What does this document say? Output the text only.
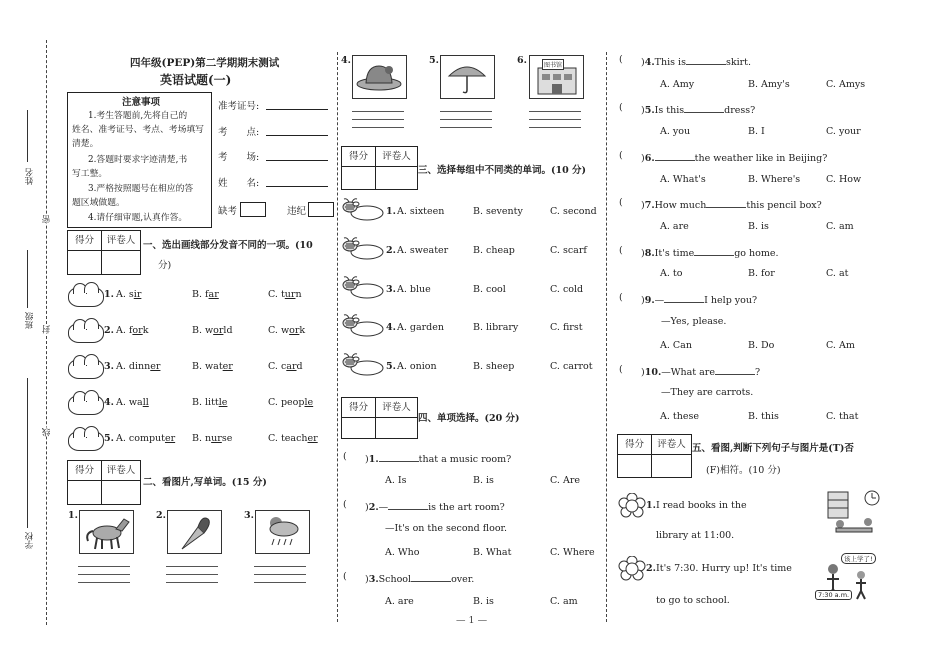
姓名
班级
学校
密
封
线
四年级(PEP)第二学期期末测试
英语试题(一)
注意事项
1.考生答题前,先将自己的
姓名、准考证号、考点、考场填写
清楚。
2.答题时要求字迹清楚,书
写工整。
3.严格按照题号在相应的答
题区域做题。
4.请仔细审题,认真作答。
准考证号:
考　　点:
考　　场:
姓　　名:
缺考	违纪
得分	评卷人 一、选出画线部分发音不同的一项。(10
分)
1. A. sir	B. far	C. turn
2. A. fork	B. world	C. work
3. A. dinner	B. water	C. card
4. A. wall	B. little	C. people
5. A. computer B. nurse	C. teacher
得分	评卷人
二、看图片,写单词。(15 分)
1.	2.	3.
4.	5.	6.	图书馆
得分	评卷人
三、选择每组中不同类的单词。(10 分)
1. A. sixteen	B. seventy	C. second
2. A. sweater	B. cheap	C. scarf
3. A. blue	B. cool	C. cold
4. A. garden	B. library	C. first
5. A. onion	B. sheep	C. carrot
得分	评卷人
四、单项选择。(20 分)
( )1.	that a music room?
A. Is	B. is	C. Are
( )2.—	is the art room?
—It's on the second floor.
A. Who	B. What	C. Where
( )3.School	over.
A. are	B. is	C. am
( )4.This is	skirt.
A. Amy	B. Amy's	C. Amys
( )5.Is this	dress?
A. you	B. I	C. your
( )6.	the weather like in Beijing?
A. What's	B. Where's	C. How
( )7.How much	this pencil box?
A. are	B. is	C. am
( )8.It's time	go home.
A. to	B. for	C. at
( )9.—	I help you?
—Yes, please.
A. Can	B. Do	C. Am
( )10.—What are	?
—They are carrots.
A. these	B. this	C. that
得分	评卷人 五、看图,判断下列句子与图片是(T)否
(F)相符。(10 分)
1. I read books in the
library at 11:00.
2. It's 7:30. Hurry up! It's time
to go to school.
该上学了!
7:30 a.m.
— 1 —
